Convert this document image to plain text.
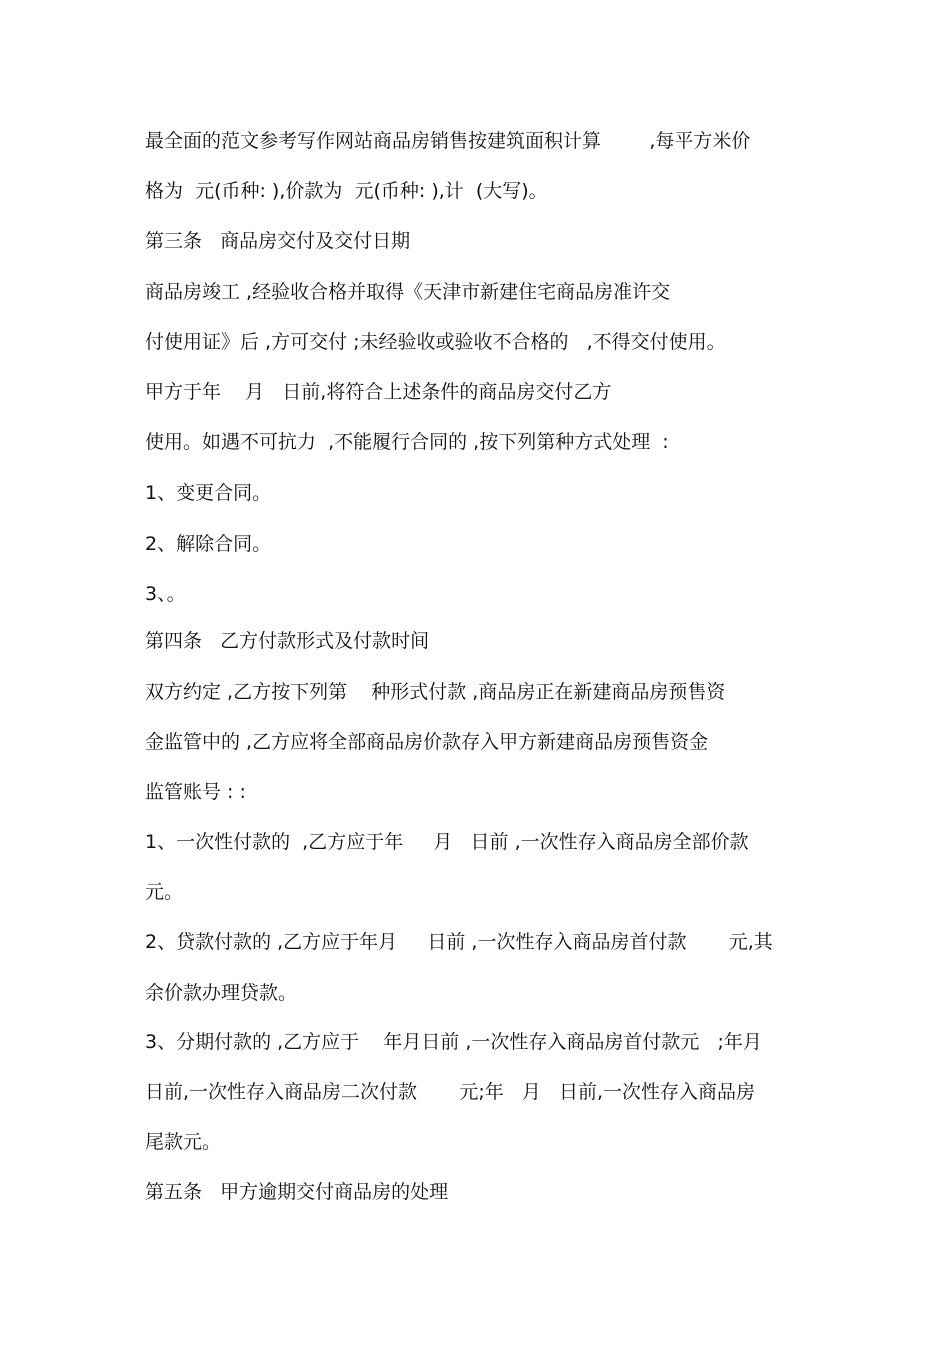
最全面的范文参考写作网站商品房销售按建筑面积计算        ,每平方米价

格为  元(币种: ),价款为  元(币种: ),计  (大写)。

第三条   商品房交付及交付日期

商品房竣工 ,经验收合格并取得《天津市新建住宅商品房准许交

付使用证》后 ,方可交付 ;未经验收或验收不合格的   ,不得交付使用。

甲方于年    月   日前,将符合上述条件的商品房交付乙方

使用。如遇不可抗力  ,不能履行合同的 ,按下列第种方式处理  :

1、变更合同。

2、解除合同。

3、。

第四条   乙方付款形式及付款时间

双方约定 ,乙方按下列第    种形式付款 ,商品房正在新建商品房预售资

金监管中的 ,乙方应将全部商品房价款存入甲方新建商品房预售资金

监管账号 : :

1、一次性付款的  ,乙方应于年     月   日前 ,一次性存入商品房全部价款

元。

2、贷款付款的 ,乙方应于年月     日前 ,一次性存入商品房首付款       元,其

余价款办理贷款。

3、分期付款的 ,乙方应于    年月日前 ,一次性存入商品房首付款元   ;年月

日前,一次性存入商品房二次付款       元;年   月   日前,一次性存入商品房

尾款元。

第五条   甲方逾期交付商品房的处理
